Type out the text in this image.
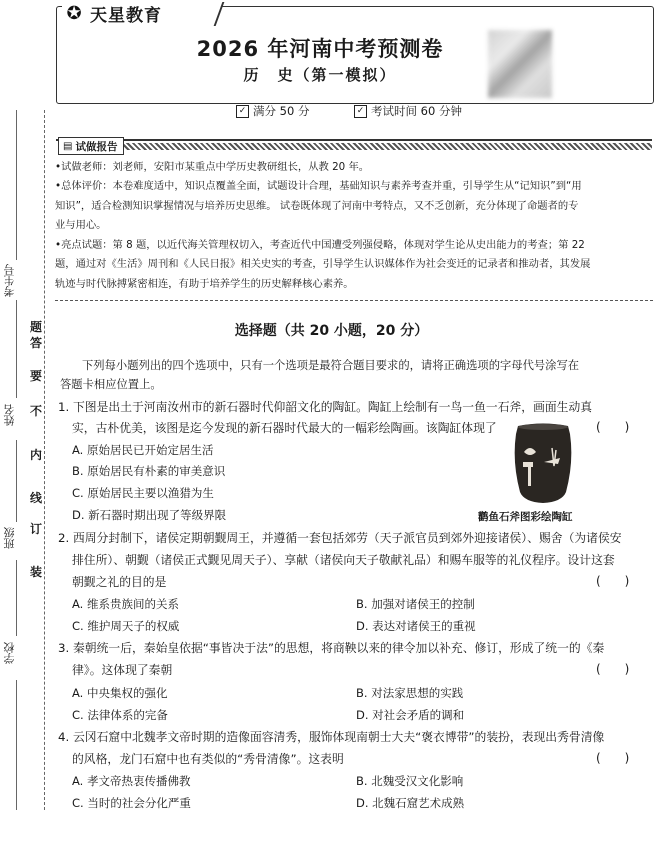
✪ 天星教育
2026 年河南中考预测卷
历　史（第一模拟）
✓ 满分 50 分	✓ 考试时间 60 分钟
▤ 试做报告
•试做老师：刘老师，安阳市某重点中学历史教研组长，从教 20 年。
•总体评价：本卷难度适中，知识点覆盖全面，试题设计合理，基础知识与素养考查并重，引导学生从“记知识”到“用
知识”，适合检测知识掌握情况与培养历史思维。 试卷既体现了河南中考特点，又不乏创新，充分体现了命题者的专
业与用心。
•亮点试题：第 8 题，以近代海关管理权切入，考查近代中国遭受列强侵略，体现对学生论从史出能力的考查；第 22
题，通过对《生活》周刊和《人民日报》相关史实的考查，引导学生认识媒体作为社会变迁的记录者和推动者，其发展
轨迹与时代脉搏紧密相连，有助于培养学生的历史解释核心素养。
考生号
姓名
班级
学校
题
答
要
不
内
线
订
装
选择题（共 20 小题，20 分）
下列每小题列出的四个选项中，只有一个选项是最符合题目要求的，请将正确选项的字母代号涂写在
答题卡相应位置上。
1. 下图是出土于河南汝州市的新石器时代仰韶文化的陶缸。陶缸上绘制有一鸟一鱼一石斧，画面生动真
实，古朴优美，该图是迄今发现的新石器时代最大的一幅彩绘陶画。该陶缸体现了	(　　)
A. 原始居民已开始定居生活
B. 原始居民有朴素的审美意识
C. 原始居民主要以渔猎为生
D. 新石器时期出现了等级界限	鹳鱼石斧图彩绘陶缸
2. 西周分封制下，诸侯定期朝觐周王，并遵循一套包括郊劳（天子派官员到郊外迎接诸侯）、赐舍（为诸侯安
排住所）、朝觐（诸侯正式觐见周天子）、享献（诸侯向天子敬献礼品）和赐车服等的礼仪程序。设计这套
朝觐之礼的目的是	(　　)
A. 维系贵族间的关系	B. 加强对诸侯王的控制
C. 维护周天子的权威	D. 表达对诸侯王的重视
3. 秦朝统一后，秦始皇依据“事皆决于法”的思想，将商鞅以来的律令加以补充、修订，形成了统一的《秦
律》。这体现了秦朝	(　　)
A. 中央集权的强化	B. 对法家思想的实践
C. 法律体系的完备	D. 对社会矛盾的调和
4. 云冈石窟中北魏孝文帝时期的造像面容清秀，服饰体现南朝士大夫“褒衣博带”的装扮，表现出秀骨清像
的风格，龙门石窟中也有类似的“秀骨清像”。这表明	(　　)
A. 孝文帝热衷传播佛教	B. 北魏受汉文化影响
C. 当时的社会分化严重	D. 北魏石窟艺术成熟
